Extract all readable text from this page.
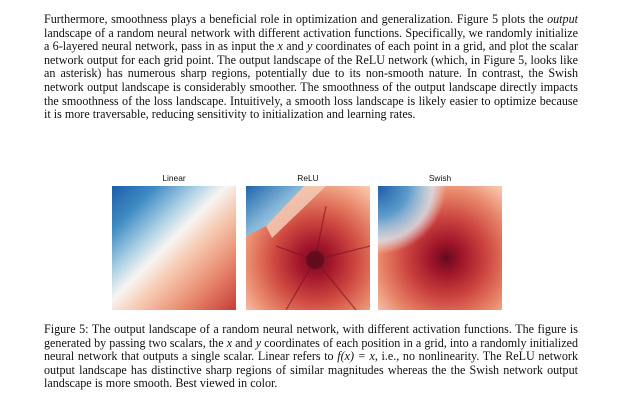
Furthermore, smoothness plays a beneficial role in optimization and generalization. Figure 5 plots the output landscape of a random neural network with different activation functions. Specifically, we randomly initialize a 6-layered neural network, pass in as input the x and y coordinates of each point in a grid, and plot the scalar network output for each grid point. The output landscape of the ReLU network (which, in Figure 5, looks like an asterisk) has numerous sharp regions, potentially due to its non-smooth nature. In contrast, the Swish network output landscape is considerably smoother. The smoothness of the output landscape directly impacts the smoothness of the loss landscape. Intuitively, a smooth loss landscape is likely easier to optimize because it is more traversable, reducing sensitivity to initialization and learning rates.

Linear	ReLU	Swish

Figure 5: The output landscape of a random neural network, with different activation functions. The figure is generated by passing two scalars, the x and y coordinates of each position in a grid, into a randomly initialized neural network that outputs a single scalar. Linear refers to f(x) = x, i.e., no nonlinearity. The ReLU network output landscape has distinctive sharp regions of similar magnitudes whereas the the Swish network output landscape is more smooth. Best viewed in color.
